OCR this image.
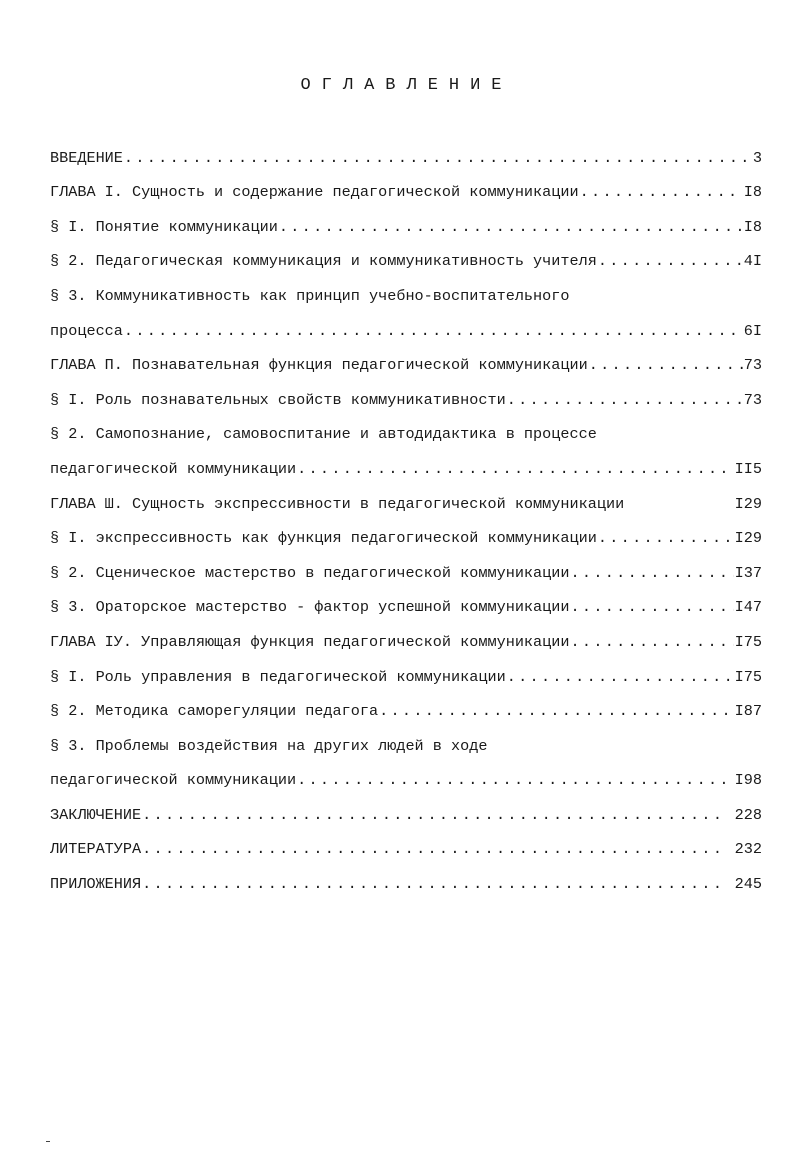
ОГЛАВЛЕНИЕ
ВВЕДЕНИЕ .....	3
ГЛАВА I. Сущность и содержание педагогической коммуникации .....	I8
§ I. Понятие коммуникации .....	I8
§ 2. Педагогическая коммуникация и коммуникативность учителя .....	4I
§ 3. Коммуникативность как принцип учебно-воспитательного
процесса .....	6I
ГЛАВА П. Познавательная функция педагогической коммуникации .....	73
§ I. Роль познавательных свойств коммуникативности .....	73
§ 2. Самопознание, самовоспитание и автодидактика в процессе
педагогической коммуникации .....	II5
ГЛАВА Ш. Сущность экспрессивности в педагогической коммуникации	I29
§ I. экспрессивность как функция педагогической коммуникации .....	I29
§ 2. Сценическое мастерство в педагогической коммуникации .....	I37
§ 3. Ораторское мастерство - фактор успешной коммуникации .....	I47
ГЛАВА IУ. Управляющая функция педагогической коммуникации .....	I75
§ I. Роль управления в педагогической коммуникации .....	I75
§ 2. Методика саморегуляции педагога .....	I87
§ 3. Проблемы воздействия на других людей в ходе
педагогической коммуникации .....	I98
ЗАКЛЮЧЕНИЕ .....	228
ЛИТЕРАТУРА .....	232
ПРИЛОЖЕНИЯ .....	245
